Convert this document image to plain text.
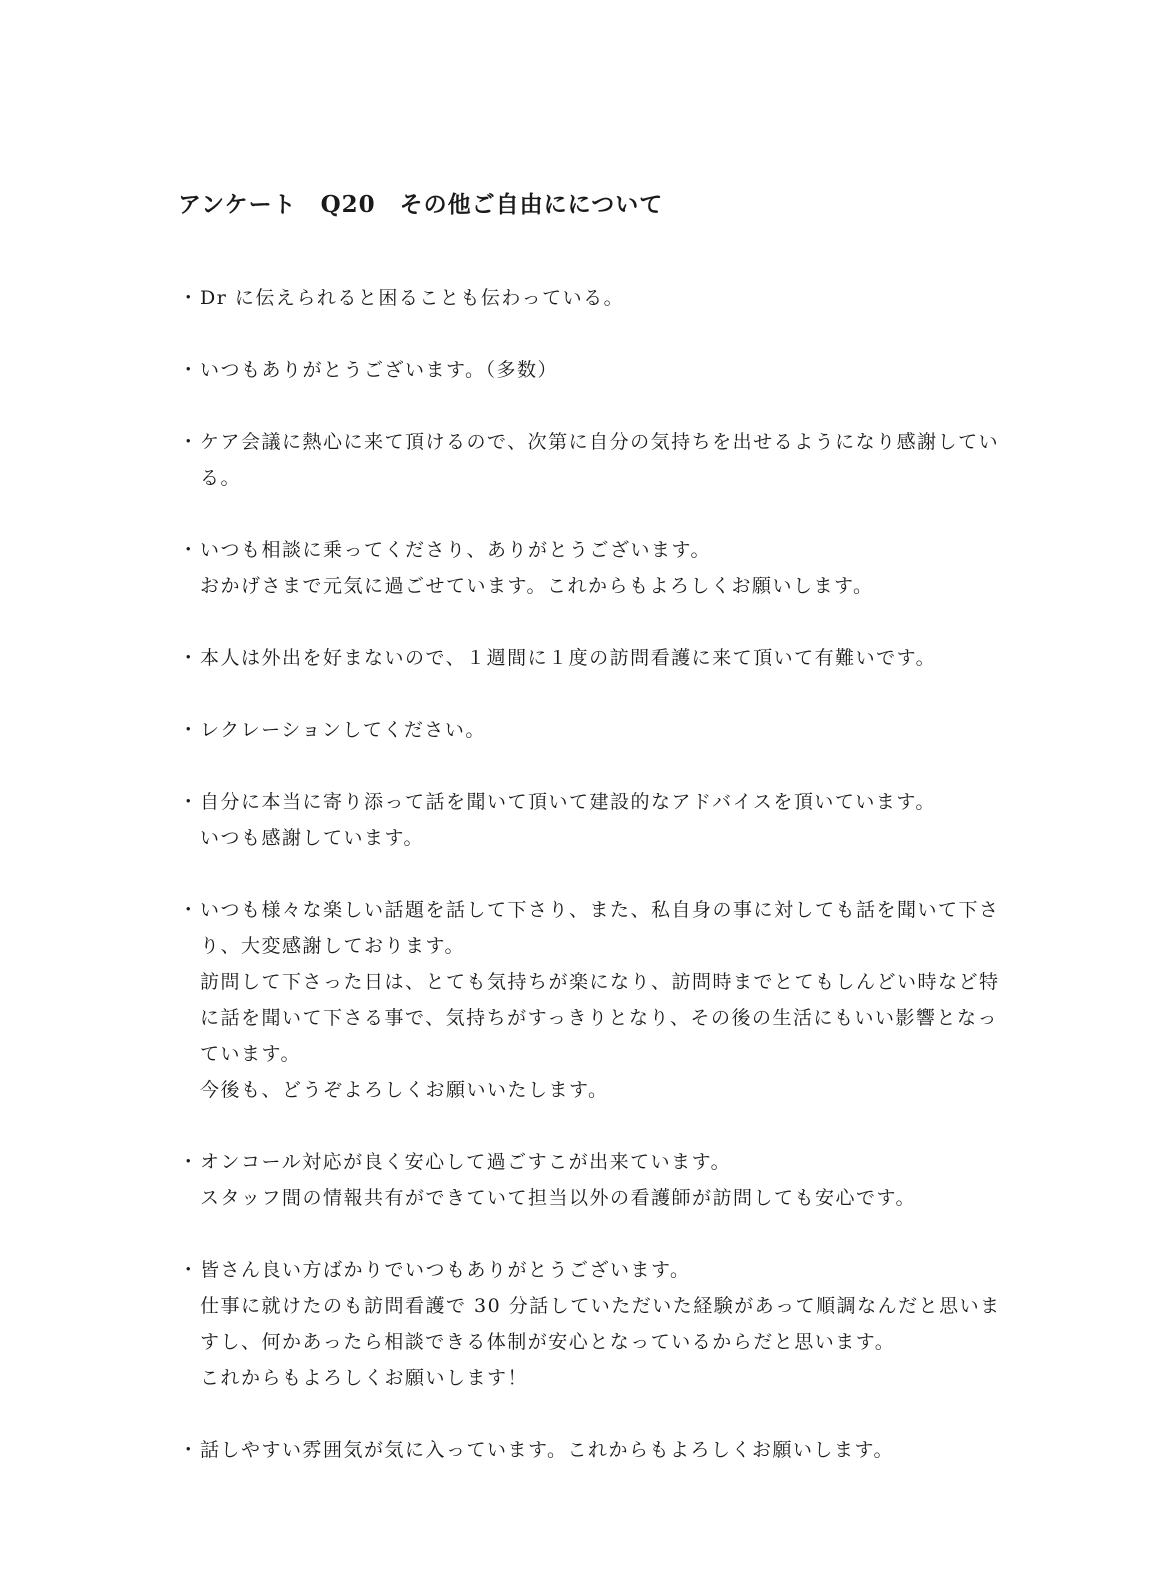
アンケート　Q20　その他ご自由にについて
・Dr に伝えられると困ることも伝わっている。
・いつもありがとうございます。（多数）
・ケア会議に熱心に来て頂けるので、次第に自分の気持ちを出せるようになり感謝している。
・いつも相談に乗ってくださり、ありがとうございます。
おかげさまで元気に過ごせています。これからもよろしくお願いします。
・本人は外出を好まないので、１週間に１度の訪問看護に来て頂いて有難いです。
・レクレーションしてください。
・自分に本当に寄り添って話を聞いて頂いて建設的なアドバイスを頂いています。
いつも感謝しています。
・いつも様々な楽しい話題を話して下さり、また、私自身の事に対しても話を聞いて下さり、大変感謝しております。
訪問して下さった日は、とても気持ちが楽になり、訪問時までとてもしんどい時など特に話を聞いて下さる事で、気持ちがすっきりとなり、その後の生活にもいい影響となっています。
今後も、どうぞよろしくお願いいたします。
・オンコール対応が良く安心して過ごすこが出来ています。
スタッフ間の情報共有ができていて担当以外の看護師が訪問しても安心です。
・皆さん良い方ばかりでいつもありがとうございます。
仕事に就けたのも訪問看護で 30 分話していただいた経験があって順調なんだと思いますし、何かあったら相談できる体制が安心となっているからだと思います。
これからもよろしくお願いします！
・話しやすい雰囲気が気に入っています。これからもよろしくお願いします。
